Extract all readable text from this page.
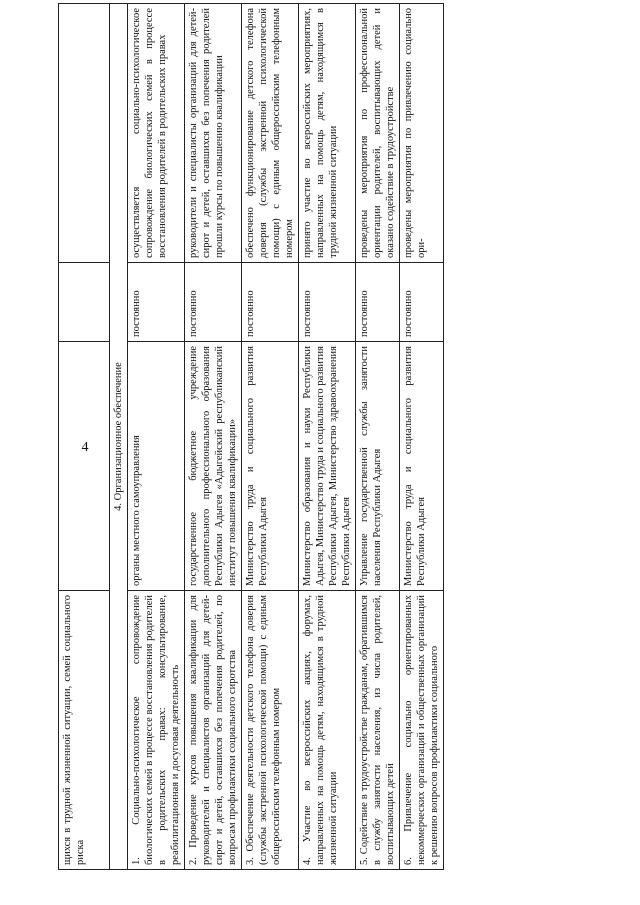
4
щихся в трудной жизненной ситуации, семей социального риска			
4. Организационное обеспечение			
1. Социально-психологическое сопровождение биологических семей в процессе восстановления родителей в родительских правах: консультирование, реабилитационная и досуговая деятельность	органы местного самоуправления	постоянно	осуществляется социально-психологическое сопровождение биологических семей в процессе восстановления родителей в родительских правах
2. Проведение курсов повышения квалификации для руководителей и специалистов организаций для детей-сирот и детей, оставшихся без попечения родителей, по вопросам профилактики социального сиротства	государственное бюджетное учреждение дополнительного профессионального образования Республики Адыгея «Адыгейский республиканский институт повышения квалификации»	постоянно	руководители и специалисты организаций для детей-сирот и детей, оставшихся без попечения родителей прошли курсы по повышению квалификации
3. Обеспечение деятельности детского телефона доверия (службы экстренной психологической помощи) с единым общероссийским телефонным номером	Министерство труда и социального развития Республики Адыгея	постоянно	обеспечено функционирование детского телефона доверия (службы экстренной психологической помощи) с единым общероссийским телефонным номером
4. Участие во всероссийских акциях, форумах, направленных на помощь детям, находящимся в трудной жизненной ситуации	Министерство образования и науки Республики Адыгея, Министерство труда и социального развития Республики Адыгея, Министерство здравоохранения Республики Адыгея	постоянно	принято участие во всероссийских мероприятиях, направленных на помощь детям, находящимся в трудной жизненной ситуации
5. Содействие в трудоустройстве гражданам, обратившимся в службу занятости населения, из числа родителей, воспитывающих детей	Управление государственной службы занятости населения Республики Адыгея	постоянно	проведены мероприятия по профессиональной ориентации родителей, воспитывающих детей и оказано содействие в трудоустройстве
6. Привлечение социально ориентированных некоммерческих организаций и общественных организаций к решению вопросов профилактики социального	Министерство труда и социального развития Республики Адыгея	постоянно	проведены мероприятия по привлечению социально ори-
